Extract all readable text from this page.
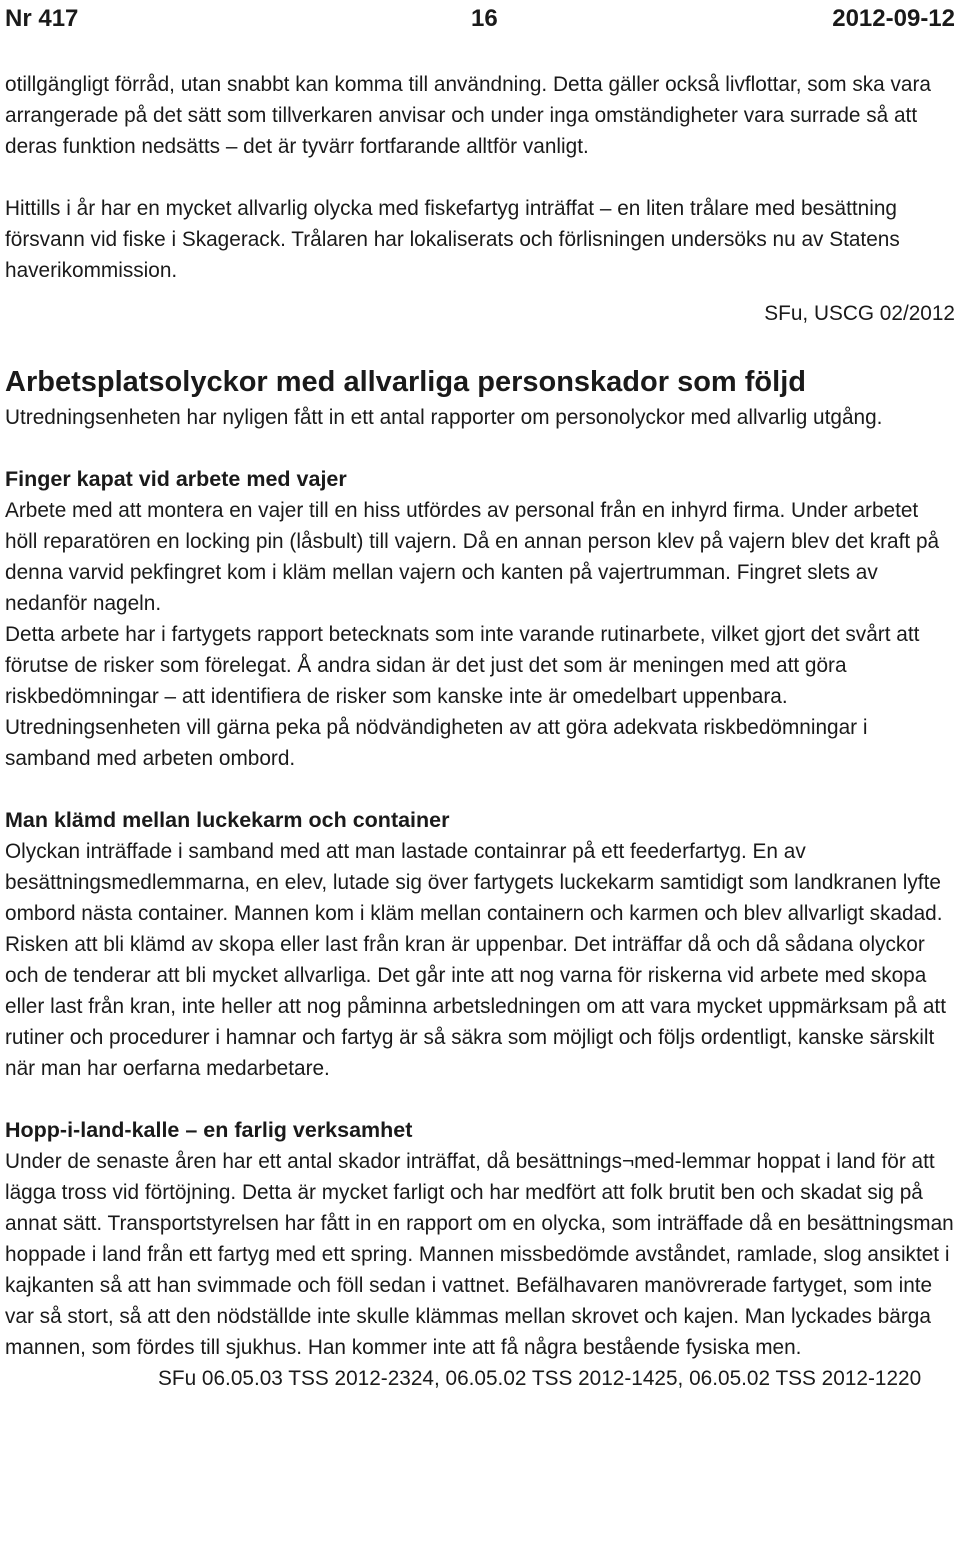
Nr 417	16	2012-09-12

otillgängligt förråd, utan snabbt kan komma till användning. Detta gäller också livflottar, som ska vara arrangerade på det sätt som tillverkaren anvisar och under inga omständigheter vara surrade så att deras funktion nedsätts – det är tyvärr fortfarande alltför vanligt.

Hittills i år har en mycket allvarlig olycka med fiskefartyg inträffat – en liten trålare med besättning försvann vid fiske i Skagerack. Trålaren har lokaliserats och förlisningen undersöks nu av Statens haverikommission.

SFu, USCG 02/2012

Arbetsplatsolyckor med allvarliga personskador som följd

Utredningsenheten har nyligen fått in ett antal rapporter om personolyckor med allvarlig utgång.

Finger kapat vid arbete med vajer

Arbete med att montera en vajer till en hiss utfördes av personal från en inhyrd firma. Under arbetet höll reparatören en locking pin (låsbult) till vajern. Då en annan person klev på vajern blev det kraft på denna varvid pekfingret kom i kläm mellan vajern och kanten på vajertrumman. Fingret slets av nedanför nageln.

Detta arbete har i fartygets rapport betecknats som inte varande rutinarbete, vilket gjort det svårt att förutse de risker som förelegat. Å andra sidan är det just det som är meningen med att göra riskbedömningar – att identifiera de risker som kanske inte är omedelbart uppenbara. Utredningsenheten vill gärna peka på nödvändigheten av att göra adekvata riskbedömningar i samband med arbeten ombord.

Man klämd mellan luckekarm och container

Olyckan inträffade i samband med att man lastade containrar på ett feederfartyg. En av besättningsmedlemmarna, en elev, lutade sig över fartygets luckekarm samtidigt som landkranen lyfte ombord nästa container. Mannen kom i kläm mellan containern och karmen och blev allvarligt skadad. Risken att bli klämd av skopa eller last från kran är uppenbar. Det inträffar då och då sådana olyckor och de tenderar att bli mycket allvarliga. Det går inte att nog varna för riskerna vid arbete med skopa eller last från kran, inte heller att nog påminna arbetsledningen om att vara mycket uppmärksam på att rutiner och procedurer i hamnar och fartyg är så säkra som möjligt och följs ordentligt, kanske särskilt när man har oerfarna medarbetare.

Hopp-i-land-kalle – en farlig verksamhet

Under de senaste åren har ett antal skador inträffat, då besättnings¬med-lemmar hoppat i land för att lägga tross vid förtöjning. Detta är mycket farligt och har medfört att folk brutit ben och skadat sig på annat sätt. Transportstyrelsen har fått in en rapport om en olycka, som inträffade då en besättningsman hoppade i land från ett fartyg med ett spring. Mannen missbedömde avståndet, ramlade, slog ansiktet i kajkanten så att han svimmade och föll sedan i vattnet. Befälhavaren manövrerade fartyget, som inte var så stort, så att den nödställde inte skulle klämmas mellan skrovet och kajen. Man lyckades bärga mannen, som fördes till sjukhus. Han kommer inte att få några bestående fysiska men.

SFu 06.05.03 TSS 2012-2324, 06.05.02 TSS 2012-1425, 06.05.02 TSS 2012-1220
